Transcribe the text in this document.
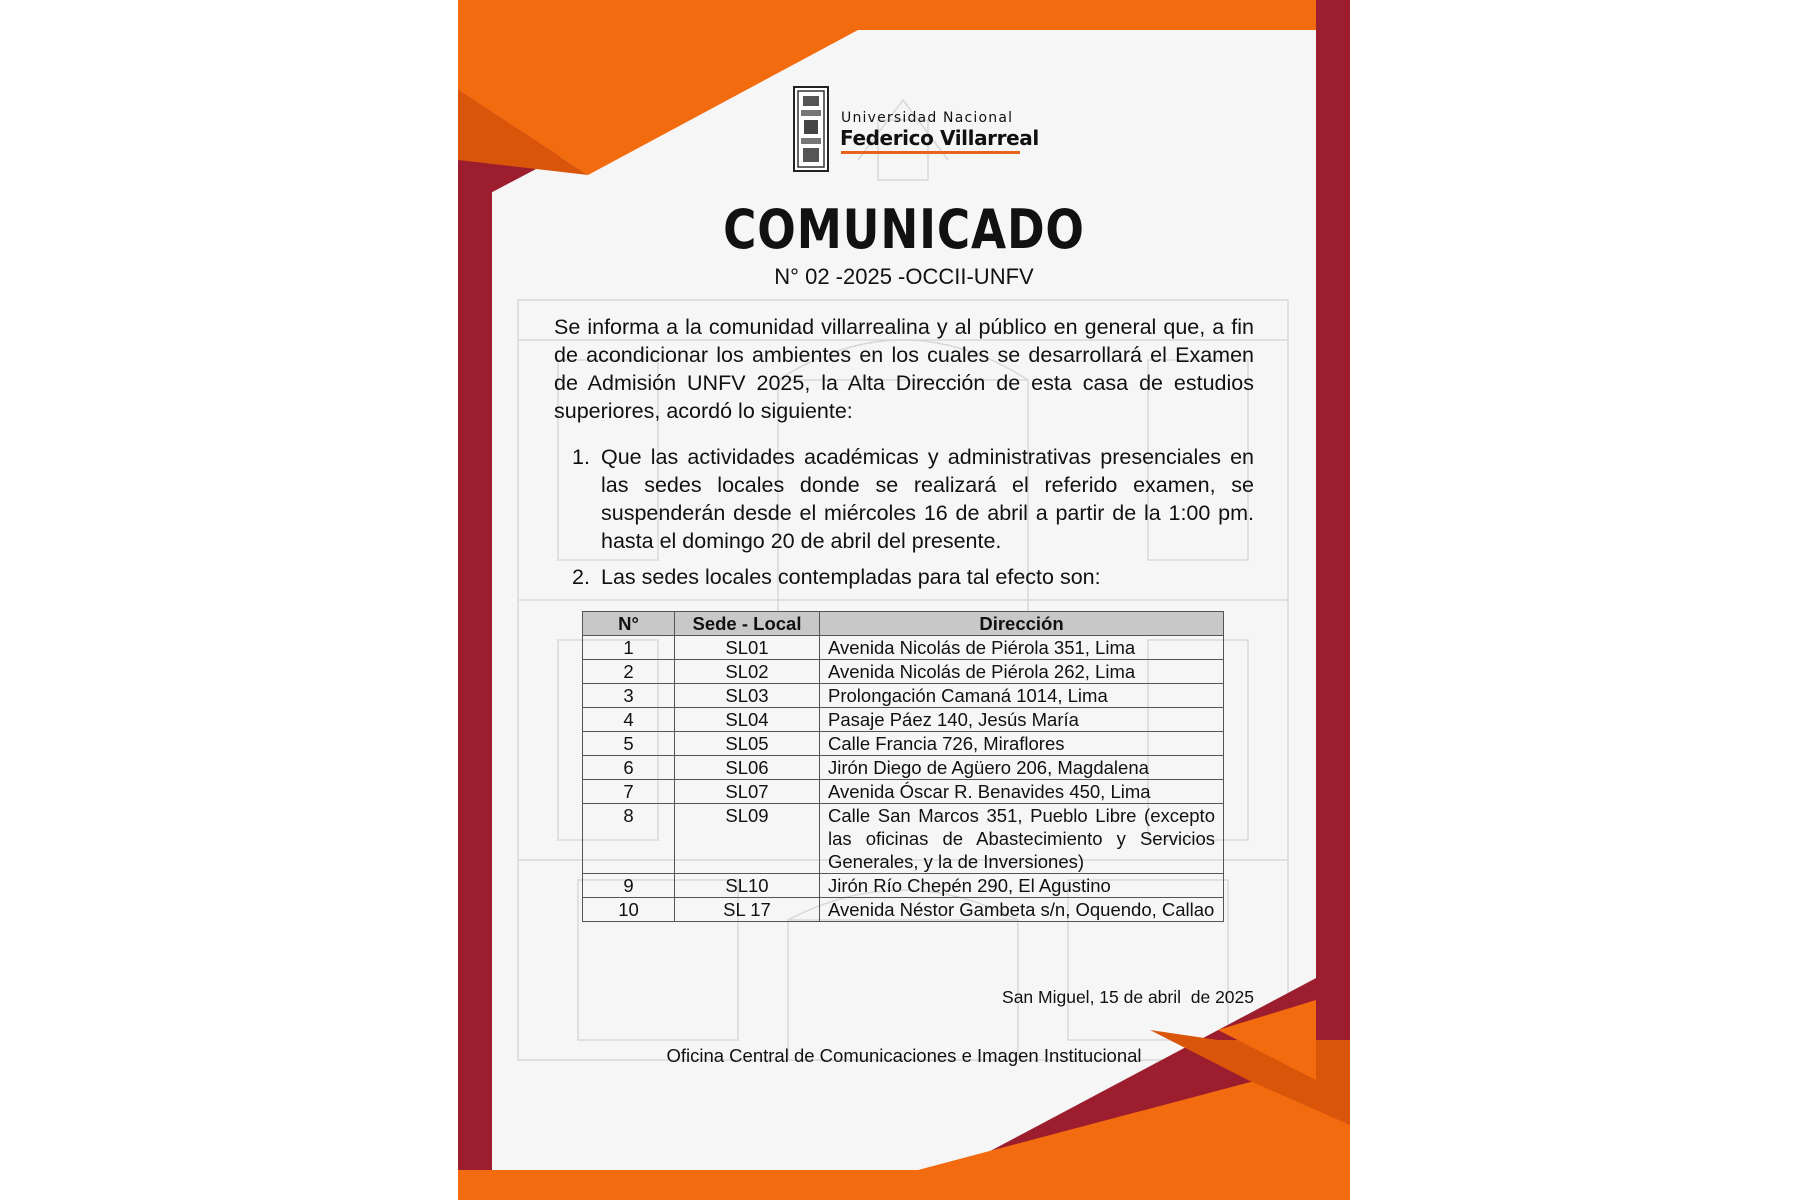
Universidad Nacional
Federico Villarreal
COMUNICADO
N° 02 -2025 -OCCII-UNFV
Se informa a la comunidad villarrealina y al público en general que, a fin de acondicionar los ambientes en los cuales se desarrollará el Examen de Admisión UNFV 2025, la Alta Dirección de esta casa de estudios superiores, acordó lo siguiente:
1. Que las actividades académicas y administrativas presenciales en las sedes locales donde se realizará el referido examen, se suspenderán desde el miércoles 16 de abril a partir de la 1:00 pm. hasta el domingo 20 de abril del presente.
2. Las sedes locales contempladas para tal efecto son:
N°	Sede - Local	Dirección
1	SL01	Avenida Nicolás de Piérola 351, Lima
2	SL02	Avenida Nicolás de Piérola 262, Lima
3	SL03	Prolongación Camaná 1014, Lima
4	SL04	Pasaje Páez 140, Jesús María
5	SL05	Calle Francia 726, Miraflores
6	SL06	Jirón Diego de Agüero 206, Magdalena
7	SL07	Avenida Óscar R. Benavides 450, Lima
8	SL09	Calle San Marcos 351, Pueblo Libre (excepto las oficinas de Abastecimiento y Servicios Generales, y la de Inversiones)
9	SL10	Jirón Río Chepén 290, El Agustino
10	SL 17	Avenida Néstor Gambeta s/n, Oquendo, Callao
San Miguel, 15 de abril  de 2025
Oficina Central de Comunicaciones e Imagen Institucional
